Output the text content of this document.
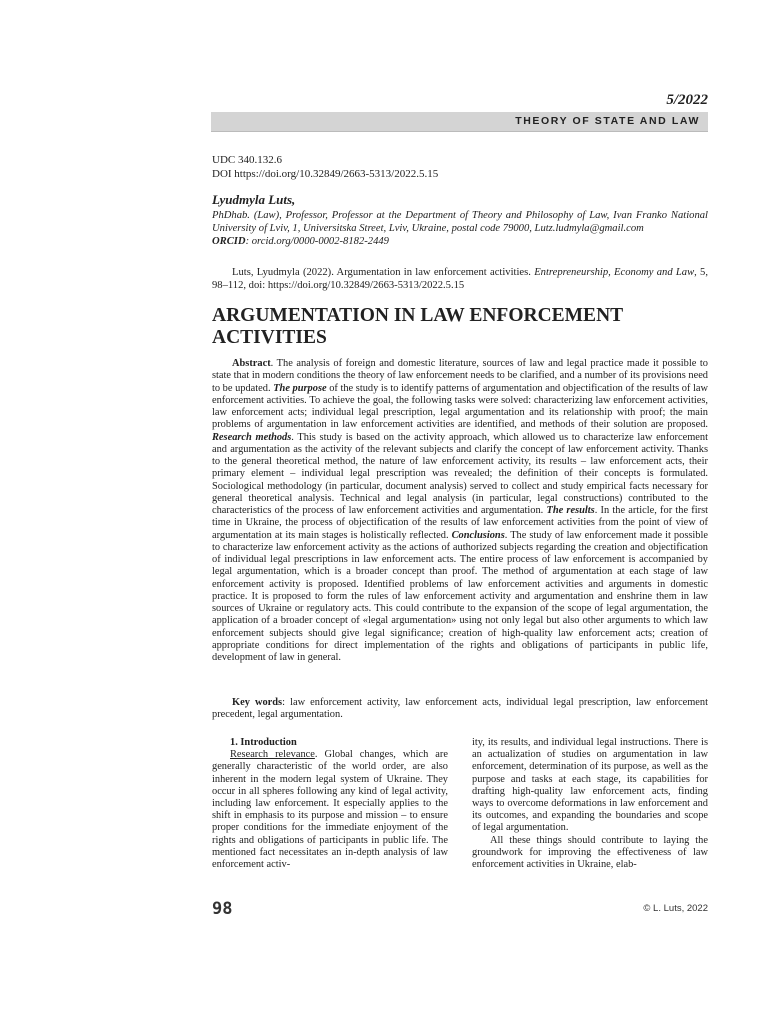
5/2022
THEORY OF STATE AND LAW
UDC 340.132.6
DOI https://doi.org/10.32849/2663-5313/2022.5.15
Lyudmyla Luts,
PhDhab. (Law), Professor, Professor at the Department of Theory and Philosophy of Law, Ivan Franko National University of Lviv, 1, Universitska Street, Lviv, Ukraine, postal code 79000, Lutz.ludmyla@gmail.com
ORCID: orcid.org/0000-0002-8182-2449
Luts, Lyudmyla (2022). Argumentation in law enforcement activities. Entrepreneurship, Economy and Law, 5, 98–112, doi: https://doi.org/10.32849/2663-5313/2022.5.15
ARGUMENTATION IN LAW ENFORCEMENT ACTIVITIES

Abstract. The analysis of foreign and domestic literature, sources of law and legal practice made it possible to state that in modern conditions the theory of law enforcement needs to be clarified, and a number of its provisions need to be updated. The purpose of the study is to identify patterns of argumentation and objectification of the results of law enforcement activities. To achieve the goal, the following tasks were solved: characterizing law enforcement activities, law enforcement acts; individual legal prescription, legal argumentation and its relationship with proof; the main problems of argumentation in law enforcement activities are identified, and methods of their solution are proposed. Research methods. This study is based on the activity approach, which allowed us to characterize law enforcement and argumentation as the activity of the relevant subjects and clarify the concept of law enforcement activity. Thanks to the general theoretical method, the nature of law enforcement activity, its results – law enforcement acts, their primary element – individual legal prescription was revealed; the definition of their concepts is formulated. Sociological methodology (in particular, document analysis) served to collect and study empirical facts necessary for general theoretical analysis. Technical and legal analysis (in particular, legal constructions) contributed to the characteristics of the process of law enforcement activities and argumentation. The results. In the article, for the first time in Ukraine, the process of objectification of the results of law enforcement activities from the point of view of argumentation at its main stages is holistically reflected. Conclusions. The study of law enforcement made it possible to characterize law enforcement activity as the actions of authorized subjects regarding the creation and objectification of individual legal prescriptions in law enforcement acts. The entire process of law enforcement is accompanied by legal argumentation, which is a broader concept than proof. The method of argumentation at each stage of law enforcement activity is proposed. Identified problems of law enforcement activities and arguments in domestic practice. It is proposed to form the rules of law enforcement activity and argumentation and enshrine them in law sources of Ukraine or regulatory acts. This could contribute to the expansion of the scope of legal argumentation, the application of a broader concept of «legal argumentation» using not only legal but also other arguments to which law enforcement subjects should give legal significance; creation of high-quality law enforcement acts; creation of appropriate conditions for direct implementation of the rights and obligations of participants in public life, development of law in general.

Key words: law enforcement activity, law enforcement acts, individual legal prescription, law enforcement precedent, legal argumentation.

1. Introduction

Research relevance. Global changes, which are generally characteristic of the world order, are also inherent in the modern legal system of Ukraine. They occur in all spheres following any kind of legal activity, including law enforcement. It especially applies to the shift in emphasis to its purpose and mission – to ensure proper conditions for the immediate enjoyment of the rights and obligations of participants in public life. The mentioned fact necessitates an in-depth analysis of law enforcement activ-

ity, its results, and individual legal instructions. There is an actualization of studies on argumentation in law enforcement, determination of its purpose, as well as the purpose and tasks at each stage, its capabilities for drafting high-quality law enforcement acts, finding ways to overcome deformations in law enforcement and its outcomes, and expanding the boundaries and scope of legal argumentation.

All these things should contribute to laying the groundwork for improving the effectiveness of law enforcement activities in Ukraine, elab-

98	© L. Luts, 2022
